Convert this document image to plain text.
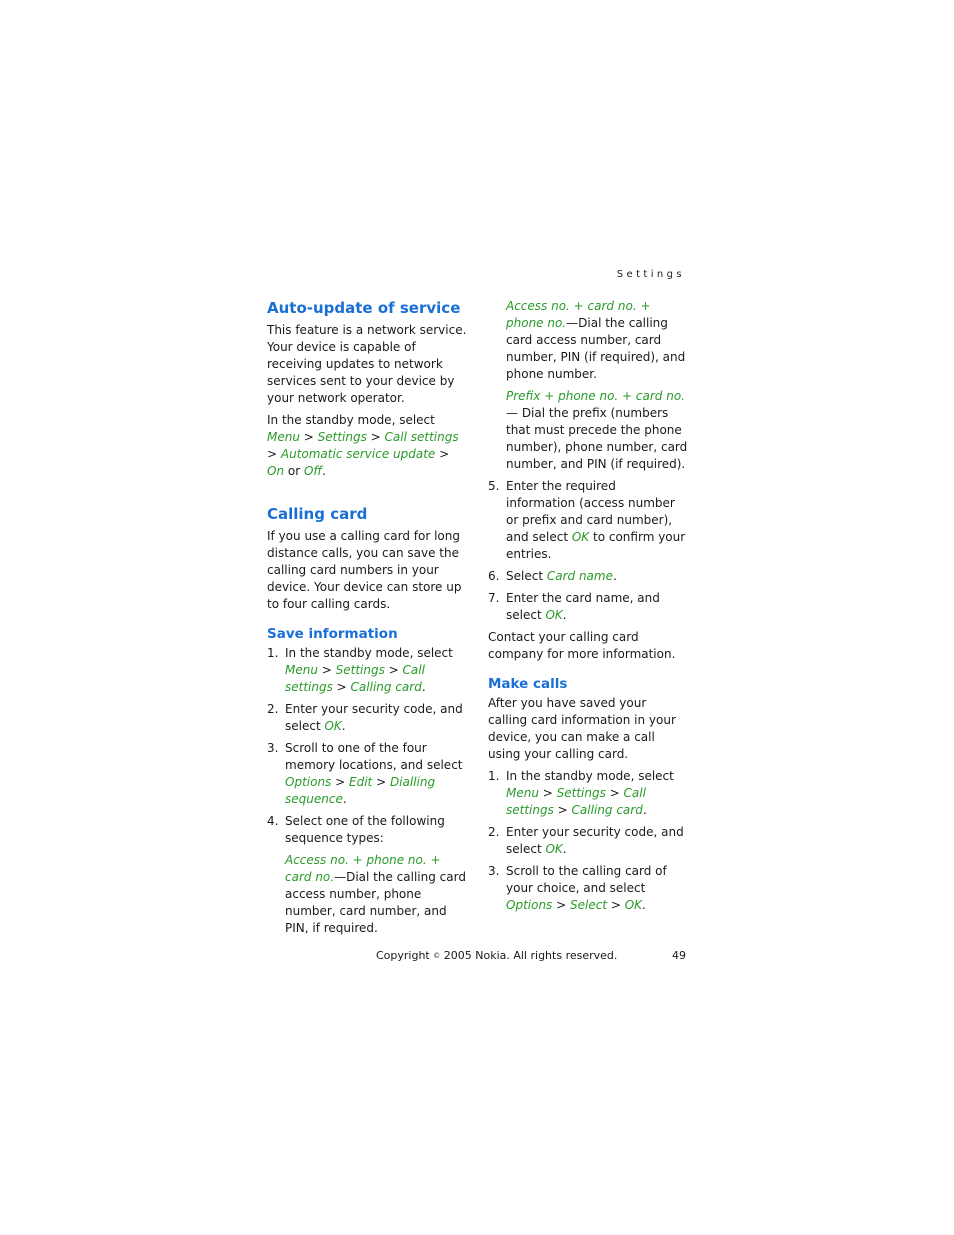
Settings
Auto-update of service

This feature is a network service. Your device is capable of receiving updates to network services sent to your device by your network operator.

In the standby mode, select Menu > Settings > Call settings > Automatic service update > On or Off.

Calling card

If you use a calling card for long distance calls, you can save the calling card numbers in your device. Your device can store up to four calling cards.

Save information
1. In the standby mode, select Menu > Settings > Call settings > Calling card.
2. Enter your security code, and select OK.
3. Scroll to one of the four memory locations, and select Options > Edit > Dialling sequence.
4. Select one of the following sequence types:

Access no. + phone no. + card no.—Dial the calling card access number, phone number, card number, and PIN, if required.

Access no. + card no. + phone no.—Dial the calling card access number, card number, PIN (if required), and phone number.

Prefix + phone no. + card no.— Dial the prefix (numbers that must precede the phone number), phone number, card number, and PIN (if required).

5. Enter the required information (access number or prefix and card number), and select OK to confirm your entries.
6. Select Card name.
7. Enter the card name, and select OK.

Contact your calling card company for more information.

Make calls

After you have saved your calling card information in your device, you can make a call using your calling card.

1. In the standby mode, select Menu > Settings > Call settings > Calling card.
2. Enter your security code, and select OK.
3. Scroll to the calling card of your choice, and select Options > Select > OK.
Copyright © 2005 Nokia. All rights reserved.	49
